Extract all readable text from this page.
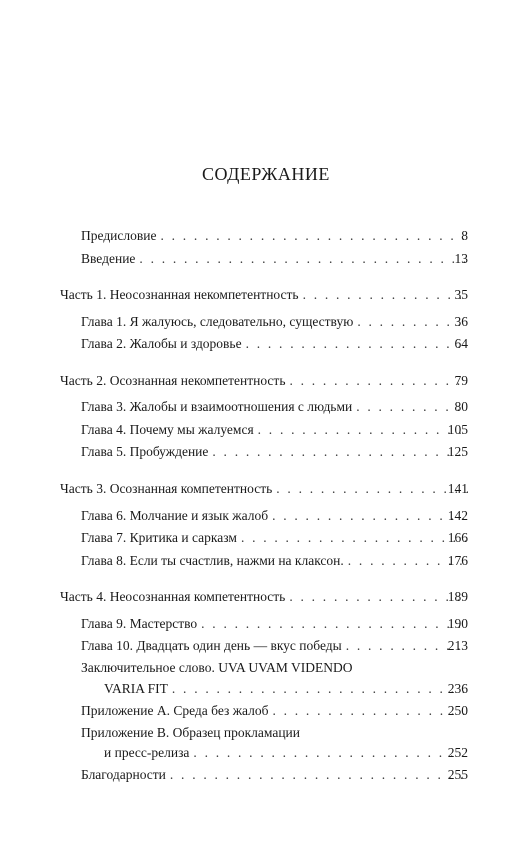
СОДЕРЖАНИЕ
Предисловие . . .	8
Введение . . .	13
Часть 1. Неосознанная некомпетентность . . .	35
Глава 1. Я жалуюсь, следовательно, существую . . .	36
Глава 2. Жалобы и здоровье . . .	64
Часть 2. Осознанная некомпетентность . . .	79
Глава 3. Жалобы и взаимоотношения с людьми . . .	80
Глава 4. Почему мы жалуемся . . .	105
Глава 5. Пробуждение . . .	125
Часть 3. Осознанная компетентность . . .	141
Глава 6. Молчание и язык жалоб . . .	142
Глава 7. Критика и сарказм . . .	166
Глава 8. Если ты счастлив, нажми на клаксон. . . .	176
Часть 4. Неосознанная компетентность . . .	189
Глава 9. Мастерство . . .	190
Глава 10. Двадцать один день — вкус победы . . .	213
Заключительное слово. UVA UVAM VIDENDO
VARIA FIT . . .	236
Приложение А. Среда без жалоб . . .	250
Приложение В. Образец прокламации
и пресс-релиза . . .	252
Благодарности . . .	255
